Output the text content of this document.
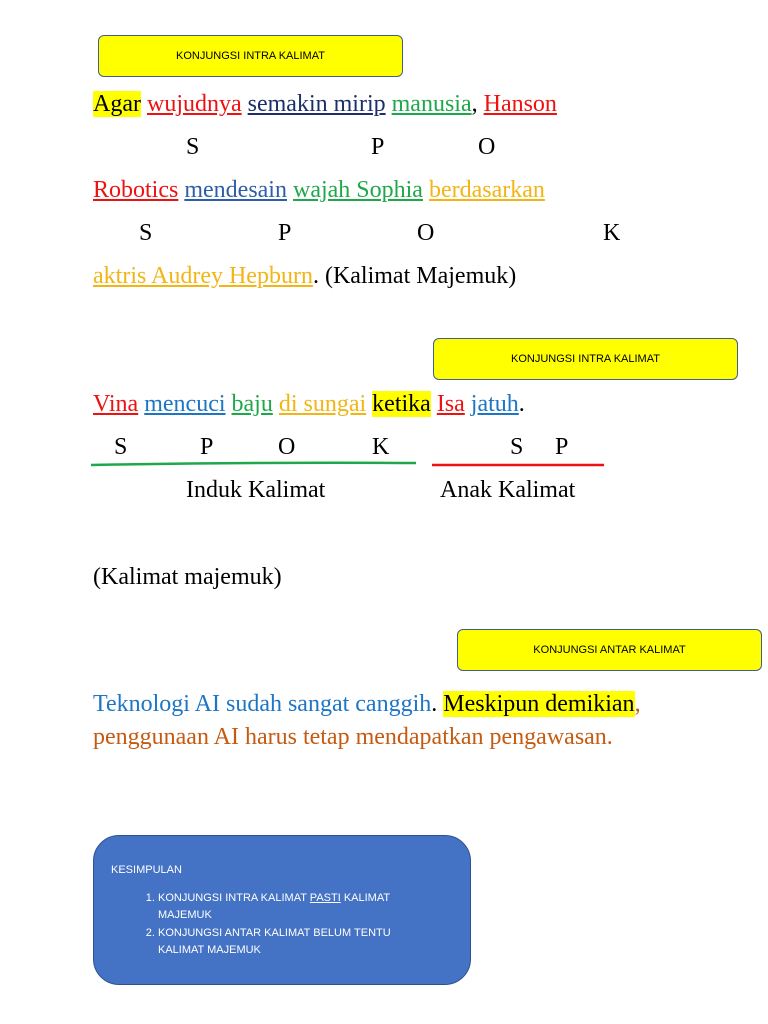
KONJUNGSI INTRA KALIMAT
Agar wujudnya semakin mirip manusia, Hanson
S	P	O
Robotics mendesain wajah Sophia berdasarkan
S	P	O	K
aktris Audrey Hepburn. (Kalimat Majemuk)
KONJUNGSI INTRA KALIMAT
Vina mencuci baju di sungai ketika Isa jatuh.
S	P	O	K	S P
Induk Kalimat	Anak Kalimat
(Kalimat majemuk)
KONJUNGSI ANTAR KALIMAT
Teknologi AI sudah sangat canggih. Meskipun demikian, penggunaan AI harus tetap mendapatkan pengawasan.
KESIMPULAN
1. KONJUNGSI INTRA KALIMAT PASTI KALIMAT MAJEMUK
2. KONJUNGSI ANTAR KALIMAT BELUM TENTU KALIMAT MAJEMUK
